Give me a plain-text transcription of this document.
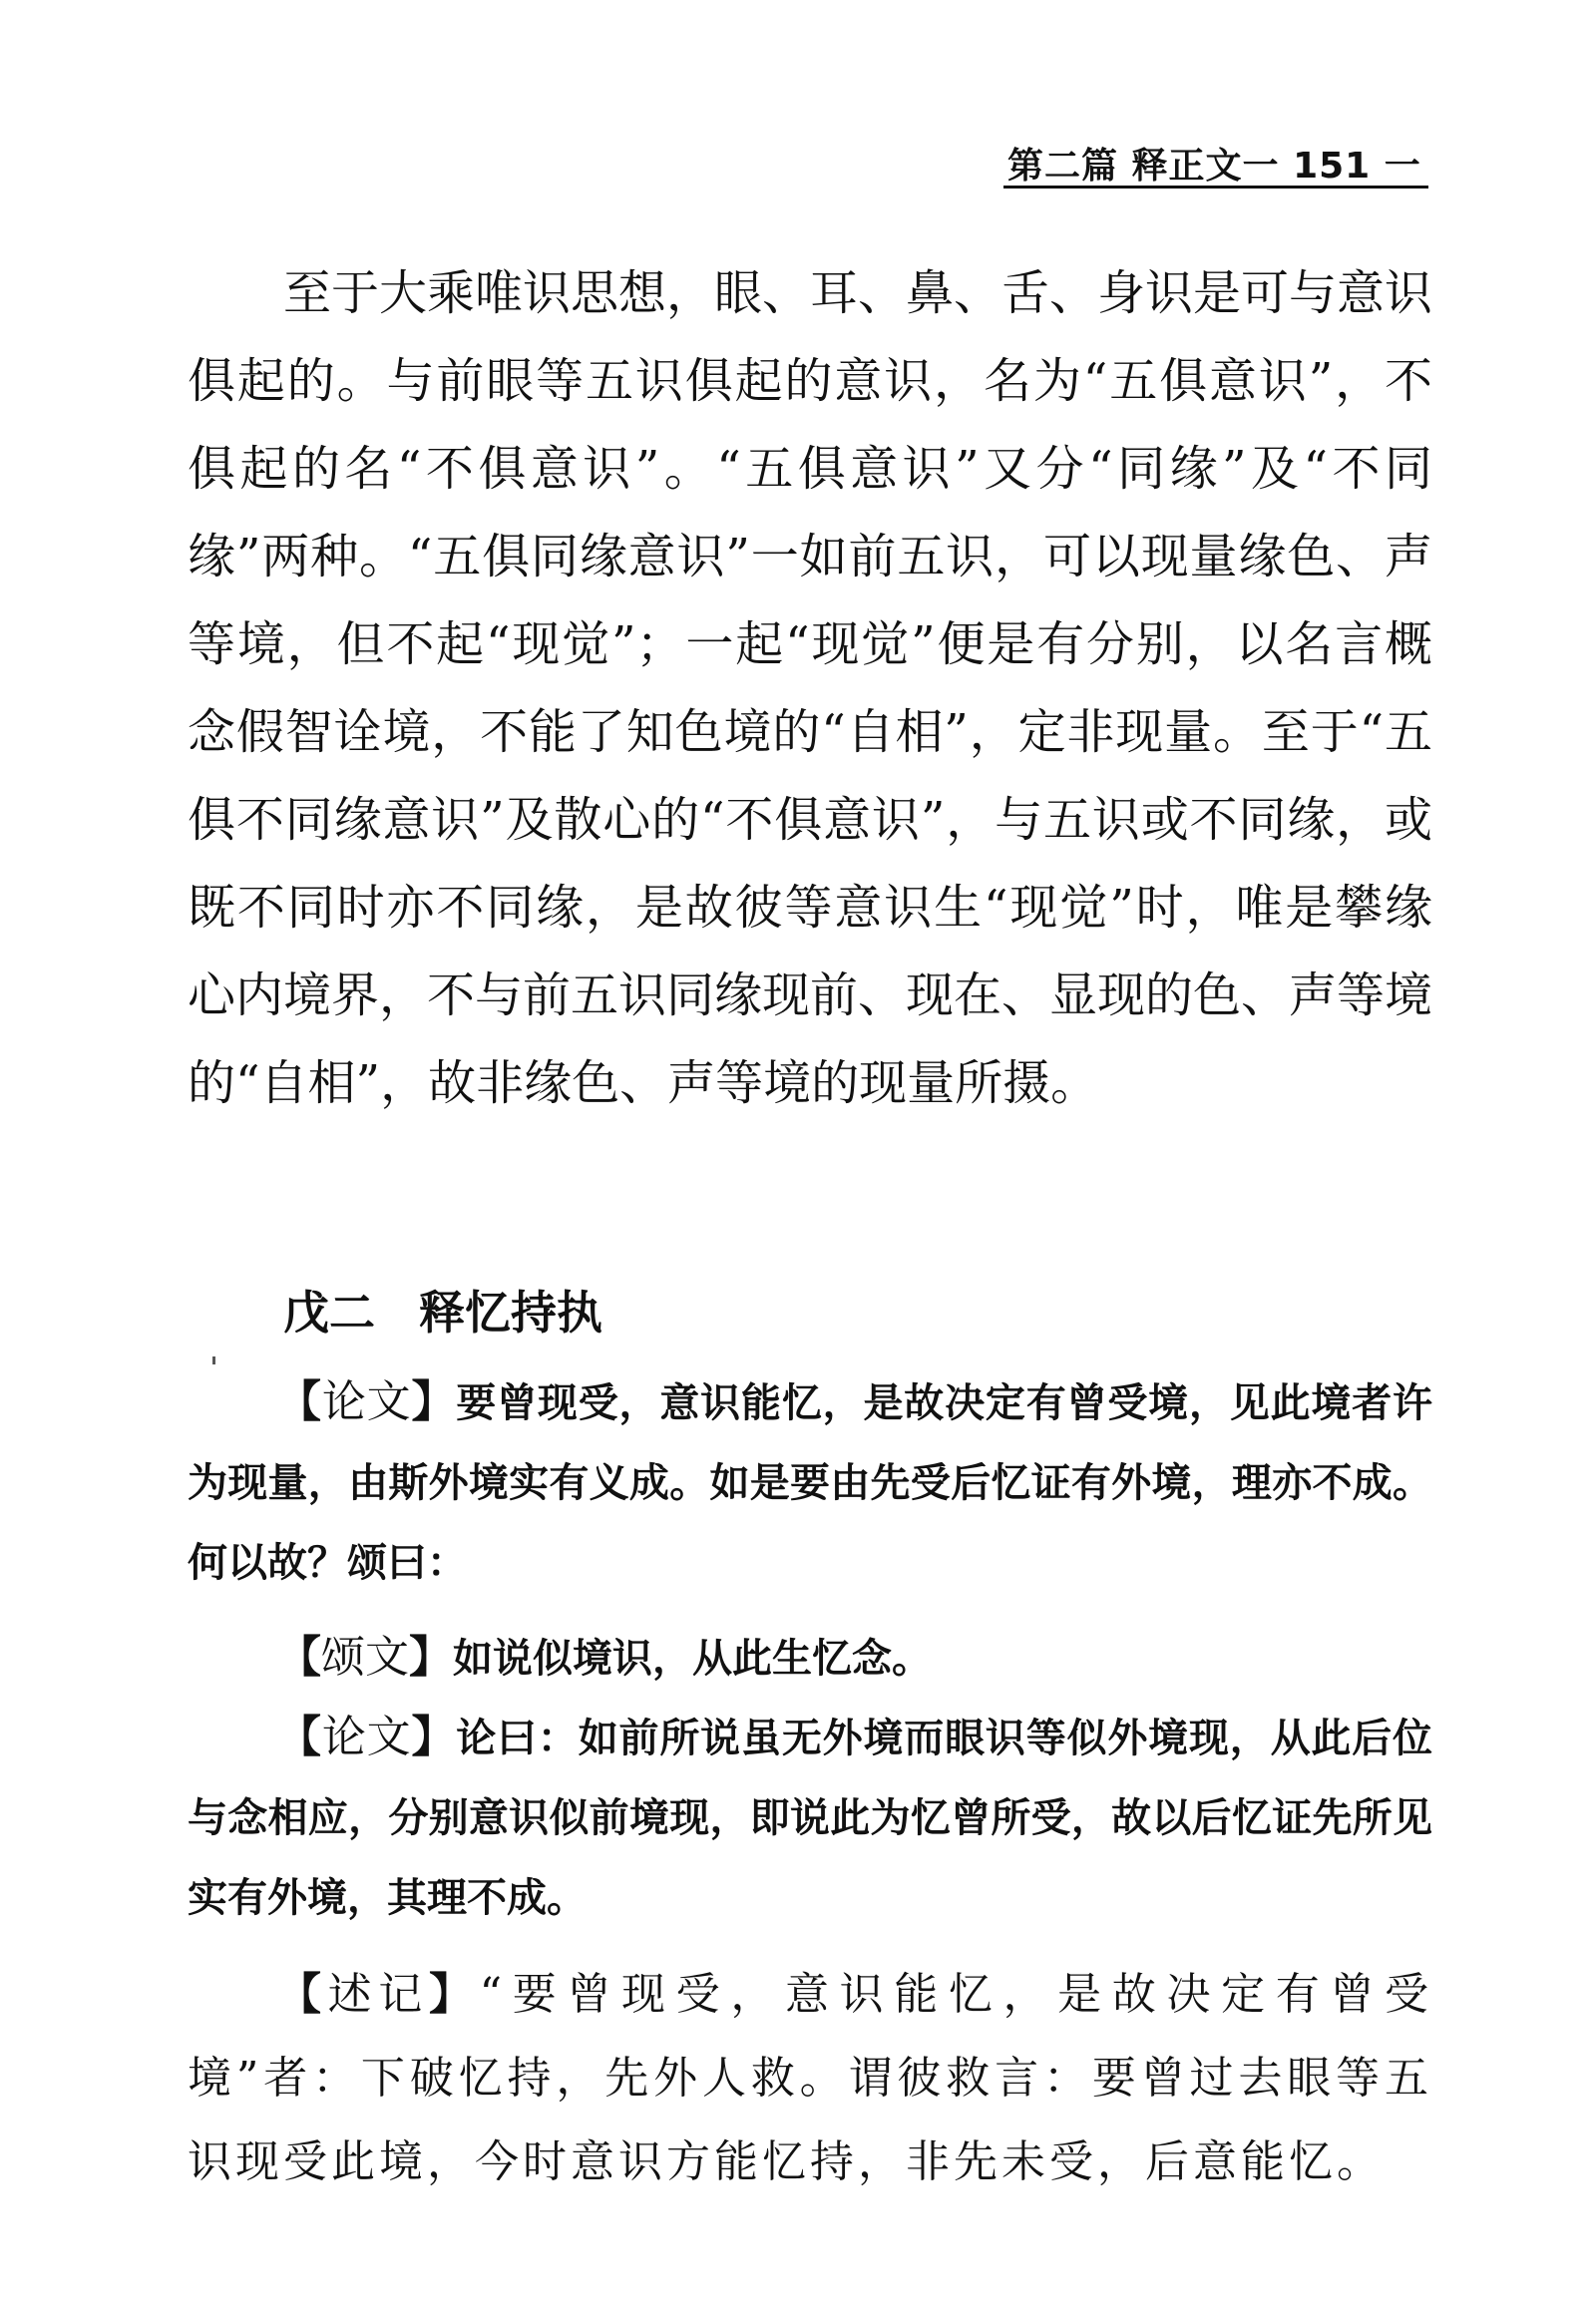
第二篇 释正文一 151 一
至于大乘唯识思想，眼、耳、鼻、舌、身识是可与意识俱起的。与前眼等五识俱起的意识，名为“五俱意识”，不俱起的名“不俱意识”。“五俱意识”又分“同缘”及“不同缘”两种。“五俱同缘意识”一如前五识，可以现量缘色、声等境，但不起“现觉”；一起“现觉”便是有分别，以名言概念假智诠境，不能了知色境的“自相”，定非现量。至于“五俱不同缘意识”及散心的“不俱意识”，与五识或不同缘，或既不同时亦不同缘，是故彼等意识生“现觉”时，唯是攀缘心内境界，不与前五识同缘现前、现在、显现的色、声等境的“自相”，故非缘色、声等境的现量所摄。
戊二 释忆持执
【论文】要曾现受，意识能忆，是故决定有曾受境，见此境者许为现量，由斯外境实有义成。如是要由先受后忆证有外境，理亦不成。何以故？颂曰：
【颂文】如说似境识，从此生忆念。
【论文】论曰：如前所说虽无外境而眼识等似外境现，从此后位与念相应，分别意识似前境现，即说此为忆曾所受，故以后忆证先所见实有外境，其理不成。
【述记】“要曾现受，意识能忆，是故决定有曾受境”者：下破忆持，先外人救。谓彼救言：要曾过去眼等五识现受此境，今时意识方能忆持，非先未受，后意能忆。
